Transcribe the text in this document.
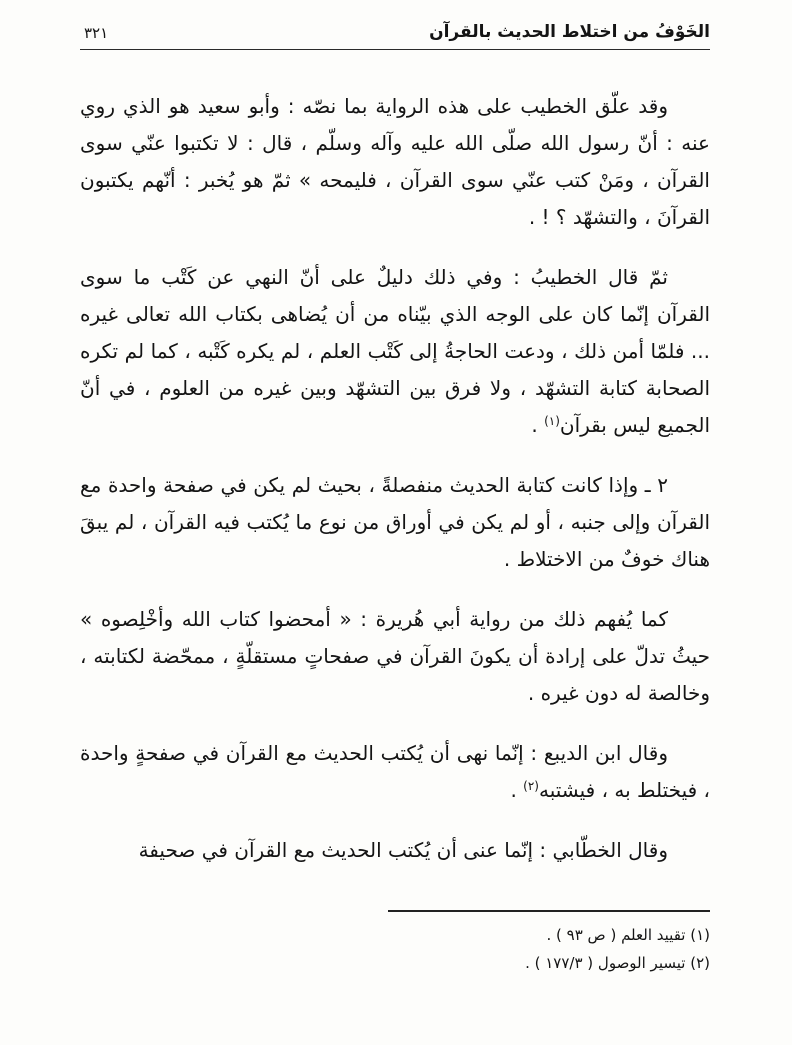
الخَوْفُ من اختلاط الحديث بالقرآن
٣٢١

وقد علّق الخطيب على هذه الرواية بما نصّه : وأبو سعيد هو الذي روي عنه : أنّ رسول الله صلّى الله عليه وآله وسلّم ، قال : لا تكتبوا عنّي سوى القرآن ، ومَنْ كتب عنّي سوى القرآن ، فليمحه » ثمّ هو يُخبر : أنّهم يكتبون القرآنَ ، والتشهّد ؟ ! .

ثمّ قال الخطيبُ : وفي ذلك دليلٌ على أنّ النهي عن كَتْب ما سوى القرآن إنّما كان على الوجه الذي بيّناه من أن يُضاهى بكتاب الله تعالى غيره ... فلمّا أمن ذلك ، ودعت الحاجةُ إلى كَتْب العلم ، لم يكره كَتْبه ، كما لم تكره الصحابة كتابة التشهّد ، ولا فرق بين التشهّد وبين غيره من العلوم ، في أنّ الجميع ليس بقرآن$^{(١)}$ .

٢ ـ وإذا كانت كتابة الحديث منفصلةً ، بحيث لم يكن في صفحة واحدة مع القرآن وإلى جنبه ، أو لم يكن في أوراق من نوع ما يُكتب فيه القرآن ، لم يبقَ هناك خوفٌ من الاختلاط .

كما يُفهم ذلك من رواية أبي هُريرة : « أمحضوا كتاب الله وأخْلِصوه » حيثُ تدلّ على إرادة أن يكونَ القرآن في صفحاتٍ مستقلّةٍ ، ممحّضة لكتابته ، وخالصة له دون غيره .

وقال ابن الديبع : إنّما نهى أن يُكتب الحديث مع القرآن في صفحةٍ واحدة ، فيختلط به ، فيشتبه$^{(٢)}$ .

وقال الخطّابي : إنّما عنى أن يُكتب الحديث مع القرآن في صحيفة

(١) تقييد العلم ( ص ٩٣ ) .
(٢) تيسير الوصول ( ١٧٧/٣ ) .
